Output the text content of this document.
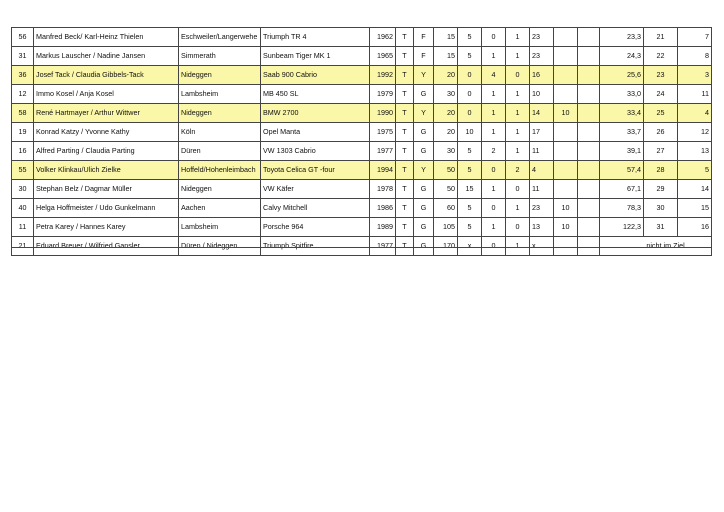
56	Manfred Beck/ Karl-Heinz Thielen	Eschweiler/Langerwehe	Triumph TR 4	1962	T	F	15	5	0	1	23			23,3	21	7
31	Markus Lauscher / Nadine Jansen	Simmerath	Sunbeam Tiger MK 1	1965	T	F	15	5	1	1	23			24,3	22	8
36	Josef Tack / Claudia Gibbels-Tack	Nideggen	Saab 900 Cabrio	1992	T	Y	20	0	4	0	16			25,6	23	3
12	Immo Kosel / Anja Kosel	Lambsheim	MB 450 SL	1979	T	G	30	0	1	1	10			33,0	24	11
58	René Hartmayer / Arthur Wittwer	Nideggen	BMW 2700	1990	T	Y	20	0	1	1	14	10		33,4	25	4
19	Konrad Katzy / Yvonne Kathy	Köln	Opel Manta	1975	T	G	20	10	1	1	17			33,7	26	12
16	Alfred Parting / Claudia Parting	Düren	VW 1303 Cabrio	1977	T	G	30	5	2	1	11			39,1	27	13
55	Volker Klinkau/Ulich Zielke	Hoffeld/Hohenleimbach	Toyota Celica GT -four	1994	T	Y	50	5	0	2	4			57,4	28	5
30	Stephan Belz / Dagmar Müller	Nideggen	VW Käfer	1978	T	G	50	15	1	0	11			67,1	29	14
40	Helga Hoffmeister / Udo Gunkelmann	Aachen	Calvy Mitchell	1986	T	G	60	5	0	1	23	10		78,3	30	15
11	Petra Karey / Hannes Karey	Lambsheim	Porsche 964	1989	T	G	105	5	1	0	13	10		122,3	31	16
21	Eduard Breuer / Wilfried Gansler	Düren / Nideggen	Triumph Spitfire	1977	T	G	170	x	0	1	x			nicht im Ziel		
